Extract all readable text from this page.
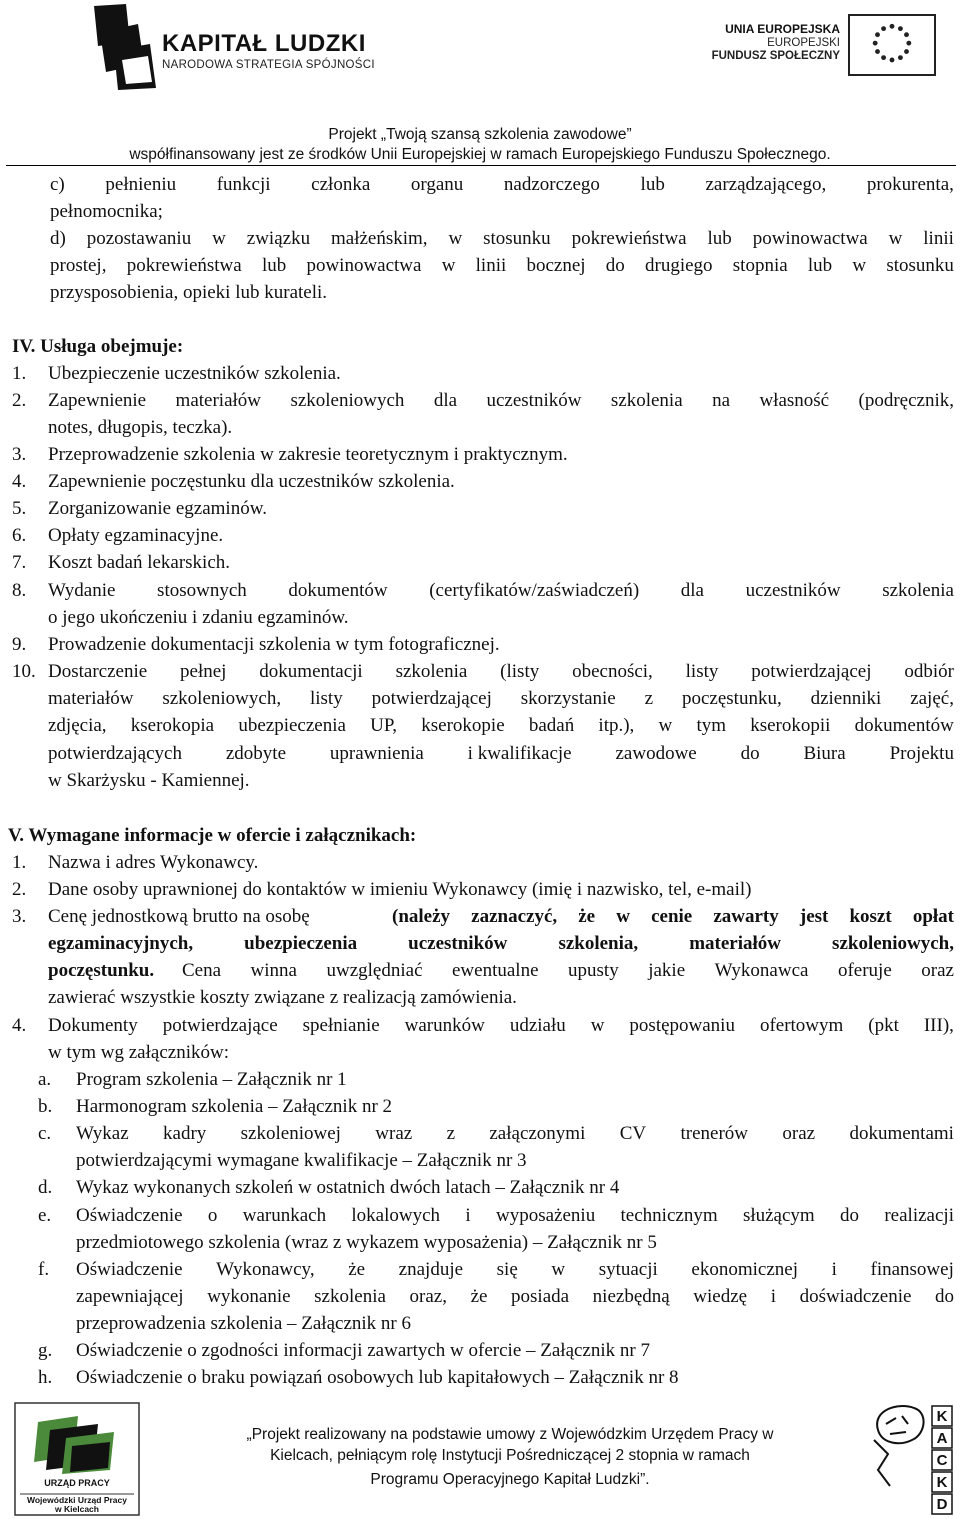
KAPITAŁ LUDZKI
NARODOWA STRATEGIA SPÓJNOŚCI
UNIA EUROPEJSKA
EUROPEJSKI
FUNDUSZ SPOŁECZNY
Projekt „Twoją szansą szkolenia zawodowe”
współfinansowany jest ze środków Unii Europejskiej w ramach Europejskiego Funduszu Społecznego.
c) pełnieniu funkcji członka organu nadzorczego lub zarządzającego, prokurenta,
pełnomocnika;
d) pozostawaniu w związku małżeńskim, w stosunku pokrewieństwa lub powinowactwa w linii
prostej, pokrewieństwa lub powinowactwa w linii bocznej do drugiego stopnia lub w stosunku
przysposobienia, opieki lub kurateli.
IV. Usługa obejmuje:
1. Ubezpieczenie uczestników szkolenia.
2. Zapewnienie materiałów szkoleniowych dla uczestników szkolenia na własność (podręcznik,
notes, długopis, teczka).
3. Przeprowadzenie szkolenia w zakresie teoretycznym i praktycznym.
4. Zapewnienie poczęstunku dla uczestników szkolenia.
5. Zorganizowanie egzaminów.
6. Opłaty egzaminacyjne.
7. Koszt badań lekarskich.
8. Wydanie stosownych dokumentów (certyfikatów/zaświadczeń) dla uczestników szkolenia
o jego ukończeniu i zdaniu egzaminów.
9. Prowadzenie dokumentacji szkolenia w tym fotograficznej.
10. Dostarczenie pełnej dokumentacji szkolenia (listy obecności, listy potwierdzającej odbiór
materiałów szkoleniowych, listy potwierdzającej skorzystanie z poczęstunku, dzienniki zajęć,
zdjęcia, kserokopia ubezpieczenia UP, kserokopie badań itp.), w tym kserokopii dokumentów
potwierdzających zdobyte uprawnienia i kwalifikacje zawodowe do Biura Projektu
w Skarżysku - Kamiennej.
V. Wymagane informacje w ofercie i załącznikach:
1. Nazwa i adres Wykonawcy.
2. Dane osoby uprawnionej do kontaktów w imieniu Wykonawcy (imię i nazwisko, tel, e-mail)
3. Cenę jednostkową brutto na osobę	(należy zaznaczyć, że w cenie zawarty jest koszt opłat
egzaminacyjnych,	ubezpieczenia	uczestników	szkolenia,	materiałów	szkoleniowych,
poczęstunku. Cena winna uwzględniać ewentualne upusty jakie Wykonawca oferuje oraz
zawierać wszystkie koszty związane z realizacją zamówienia.
4. Dokumenty potwierdzające spełnianie warunków udziału w postępowaniu ofertowym (pkt III),
w tym wg załączników:
a. Program szkolenia – Załącznik nr 1
b. Harmonogram szkolenia – Załącznik nr 2
c. Wykaz kadry szkoleniowej wraz z załączonymi CV trenerów oraz dokumentami
potwierdzającymi wymagane kwalifikacje – Załącznik nr 3
d. Wykaz wykonanych szkoleń w ostatnich dwóch latach – Załącznik nr 4
e. Oświadczenie o warunkach lokalowych i wyposażeniu technicznym służącym do realizacji
przedmiotowego szkolenia (wraz z wykazem wyposażenia) – Załącznik nr 5
f. Oświadczenie Wykonawcy, że znajduje się w sytuacji ekonomicznej i finansowej
zapewniającej wykonanie szkolenia oraz, że posiada niezbędną wiedzę i doświadczenie do
przeprowadzenia szkolenia – Załącznik nr 6
g. Oświadczenie o zgodności informacji zawartych w ofercie – Załącznik nr 7
h. Oświadczenie o braku powiązań osobowych lub kapitałowych – Załącznik nr 8
URZĄD PRACY
Wojewódzki Urząd Pracy
w Kielcach
„Projekt realizowany na podstawie umowy z Wojewódzkim Urzędem Pracy w
Kielcach, pełniącym rolę Instytucji Pośredniczącej 2 stopnia w ramach
Programu Operacyjnego Kapitał Ludzki”.
K
A
C
K
D
